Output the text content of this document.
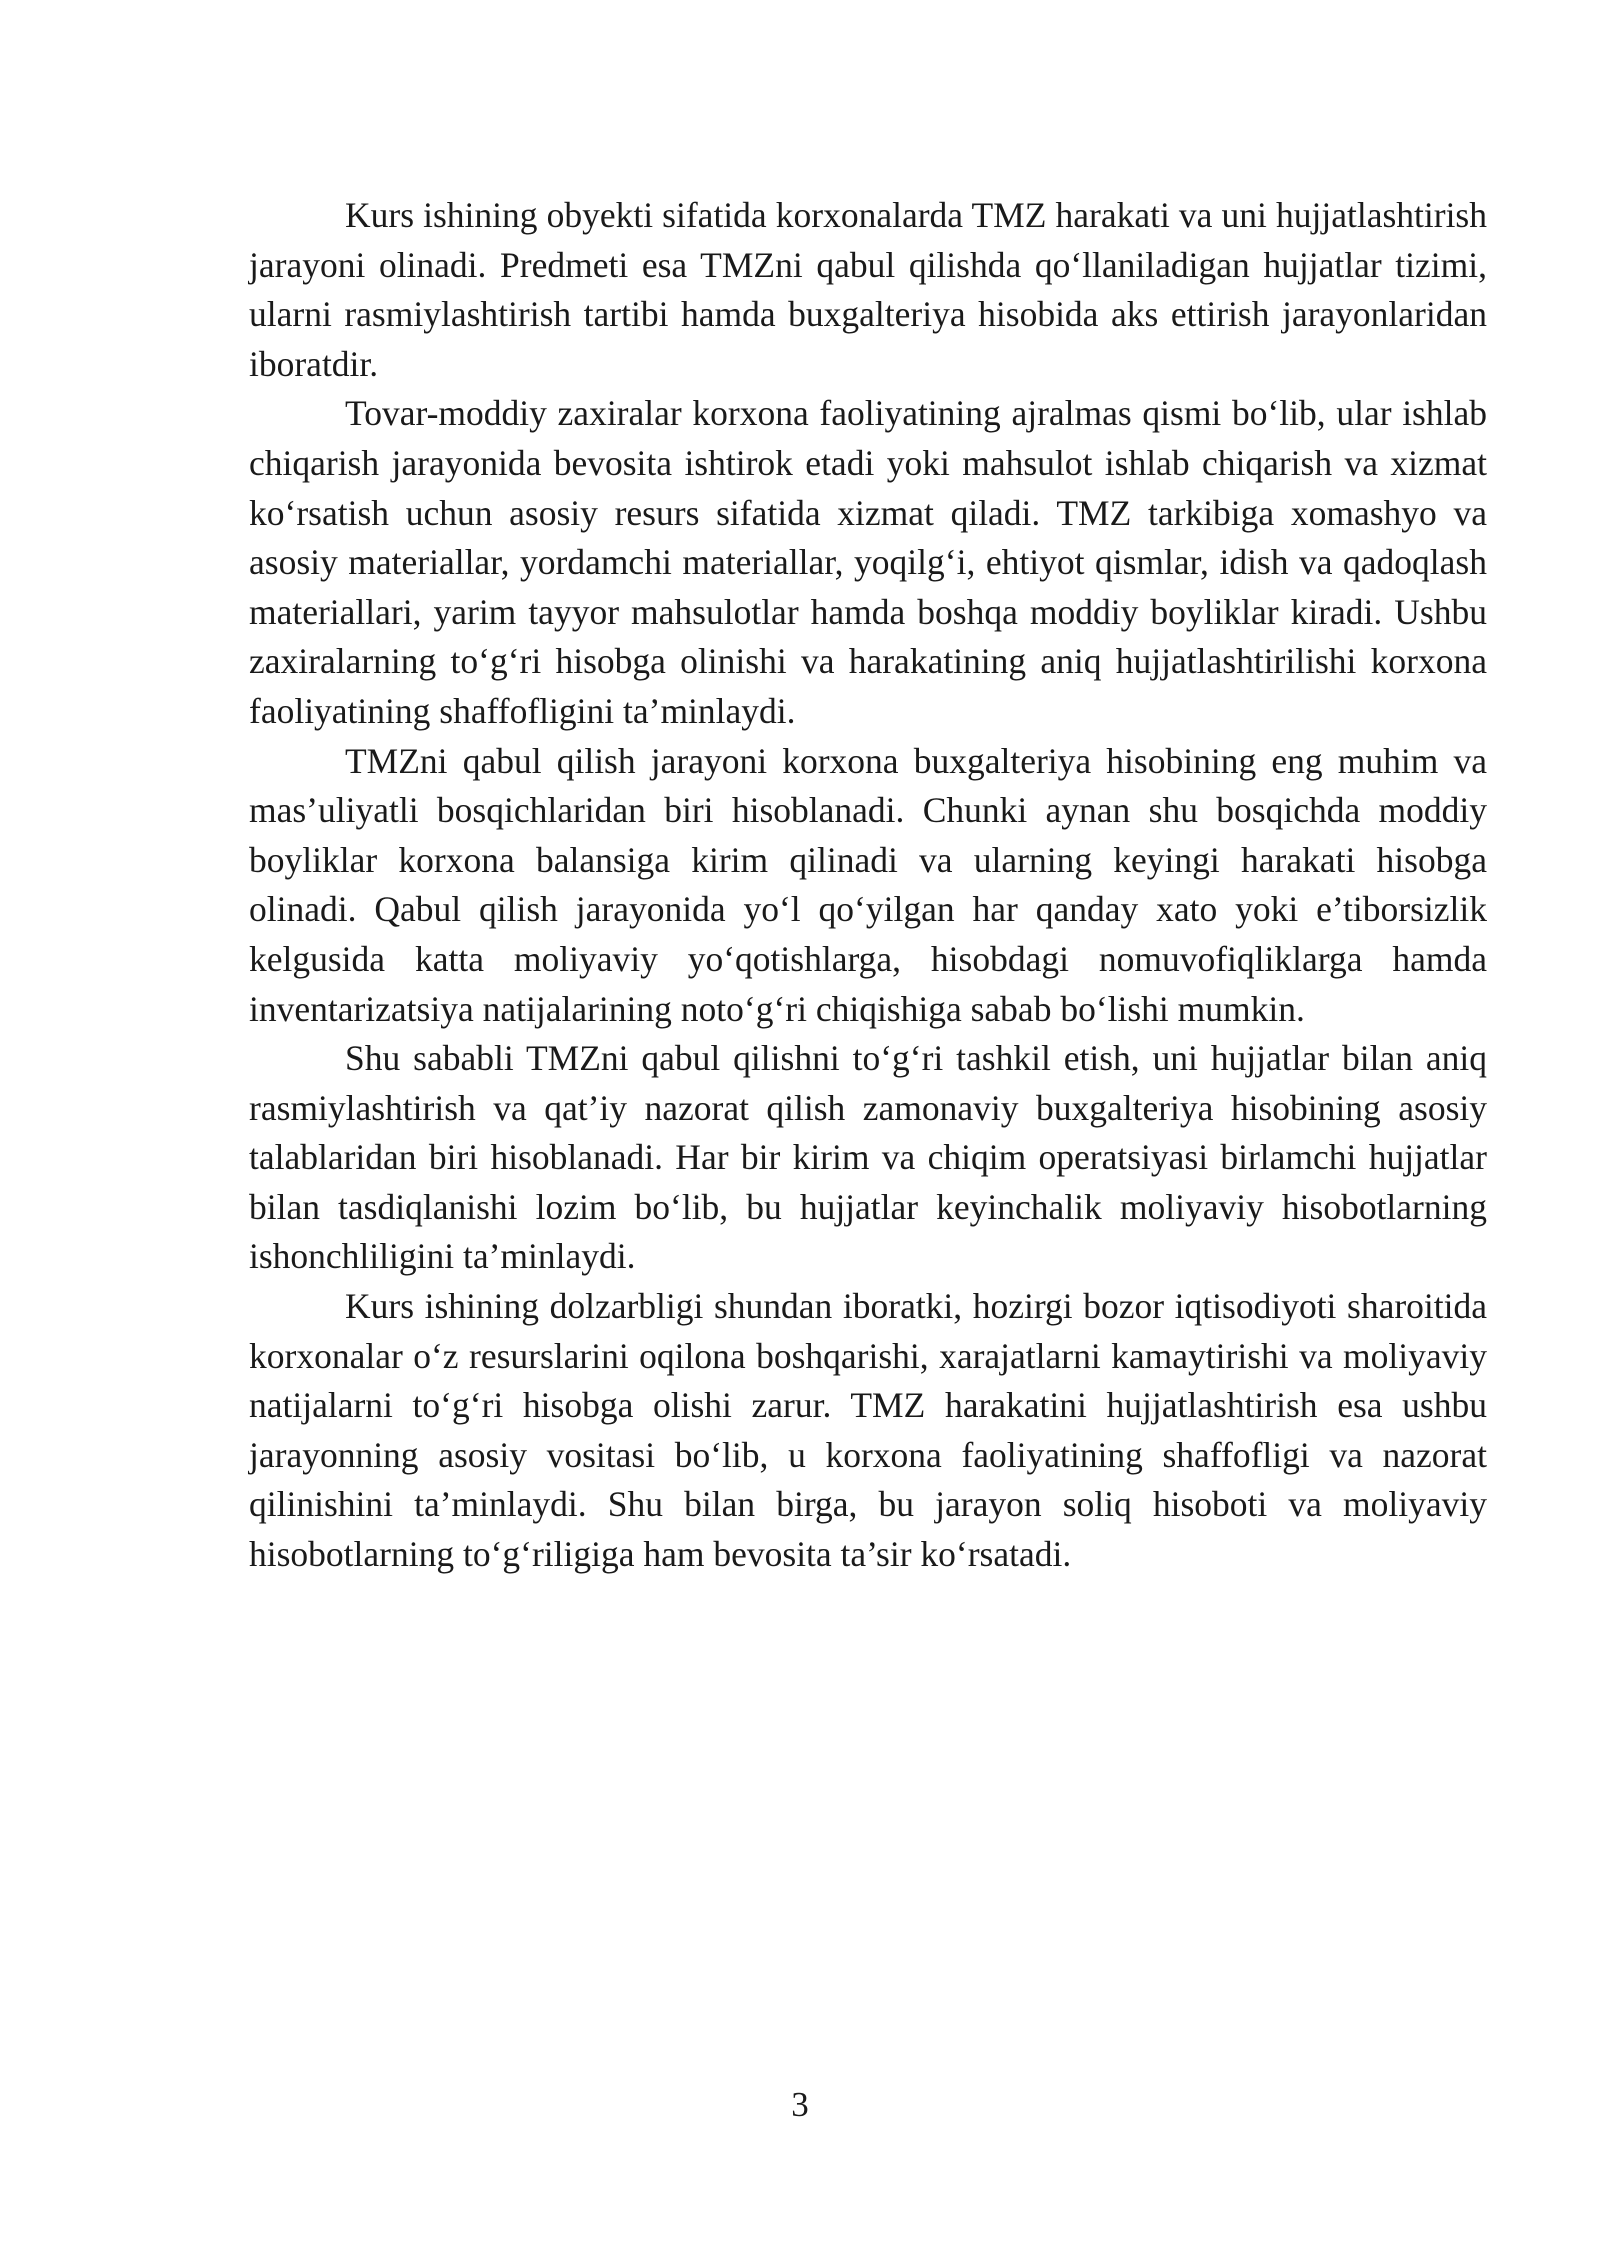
Kurs ishining obyekti sifatida korxonalarda TMZ harakati va uni hujjatlashtirish jarayoni olinadi. Predmeti esa TMZni qabul qilishda qo‘llaniladigan hujjatlar tizimi, ularni rasmiylashtirish tartibi hamda buxgalteriya hisobida aks ettirish jarayonlaridan iboratdir.

Tovar-moddiy zaxiralar korxona faoliyatining ajralmas qismi bo‘lib, ular ishlab chiqarish jarayonida bevosita ishtirok etadi yoki mahsulot ishlab chiqarish va xizmat ko‘rsatish uchun asosiy resurs sifatida xizmat qiladi. TMZ tarkibiga xomashyo va asosiy materiallar, yordamchi materiallar, yoqilg‘i, ehtiyot qismlar, idish va qadoqlash materiallari, yarim tayyor mahsulotlar hamda boshqa moddiy boyliklar kiradi. Ushbu zaxiralarning to‘g‘ri hisobga olinishi va harakatining aniq hujjatlashtirilishi korxona faoliyatining shaffofligini ta’minlaydi.

TMZni qabul qilish jarayoni korxona buxgalteriya hisobining eng muhim va mas’uliyatli bosqichlaridan biri hisoblanadi. Chunki aynan shu bosqichda moddiy boyliklar korxona balansiga kirim qilinadi va ularning keyingi harakati hisobga olinadi. Qabul qilish jarayonida yo‘l qo‘yilgan har qanday xato yoki e’tiborsizlik kelgusida katta moliyaviy yo‘qotishlarga, hisobdagi nomuvofiqliklarga hamda inventarizatsiya natijalarining noto‘g‘ri chiqishiga sabab bo‘lishi mumkin.

Shu sababli TMZni qabul qilishni to‘g‘ri tashkil etish, uni hujjatlar bilan aniq rasmiylashtirish va qat’iy nazorat qilish zamonaviy buxgalteriya hisobining asosiy talablaridan biri hisoblanadi. Har bir kirim va chiqim operatsiyasi birlamchi hujjatlar bilan tasdiqlanishi lozim bo‘lib, bu hujjatlar keyinchalik moliyaviy hisobotlarning ishonchliligini ta’minlaydi.

Kurs ishining dolzarbligi shundan iboratki, hozirgi bozor iqtisodiyoti sharoitida korxonalar o‘z resurslarini oqilona boshqarishi, xarajatlarni kamaytirishi va moliyaviy natijalarni to‘g‘ri hisobga olishi zarur. TMZ harakatini hujjatlashtirish esa ushbu jarayonning asosiy vositasi bo‘lib, u korxona faoliyatining shaffofligi va nazorat qilinishini ta’minlaydi. Shu bilan birga, bu jarayon soliq hisoboti va moliyaviy hisobotlarning to‘g‘riligiga ham bevosita ta’sir ko‘rsatadi.

3
